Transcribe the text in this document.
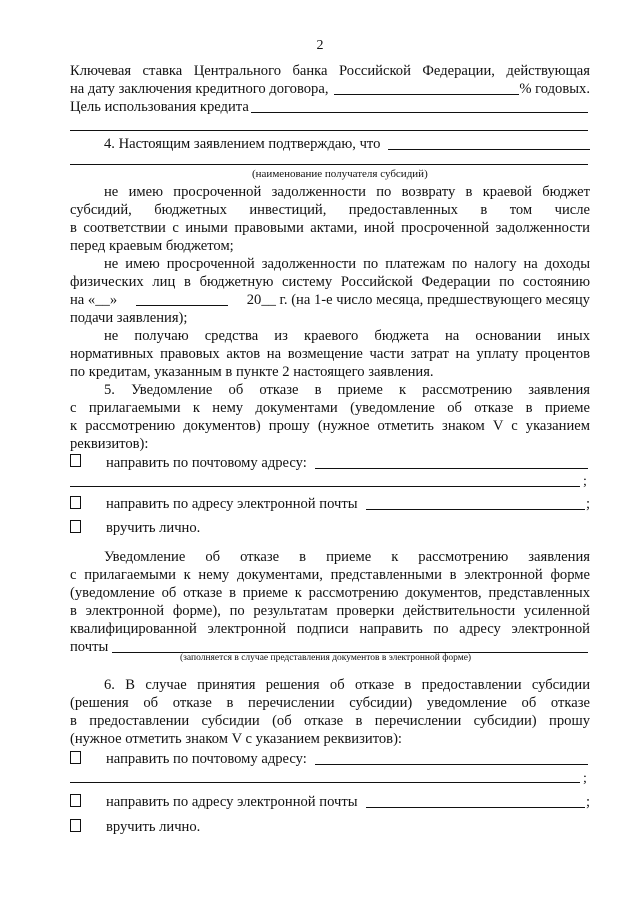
2
Ключевая ставка Центрального банка Российской Федерации, действующая
на дату заключения кредитного договора,	% годовых.
Цель использования кредита
4. Настоящим заявлением подтверждаю, что
(наименование получателя субсидий)
не имею просроченной задолженности по возврату в краевой бюджет
субсидий, бюджетных инвестиций, предоставленных в том числе
в соответствии с иными правовыми актами, иной просроченной задолженности
перед краевым бюджетом;
не имею просроченной задолженности по платежам по налогу на доходы
физических лиц в бюджетную систему Российской Федерации по состоянию
на «__»	20__ г. (на 1-е число месяца, предшествующего месяцу
подачи заявления);
не получаю средства из краевого бюджета на основании иных
нормативных правовых актов на возмещение части затрат на уплату процентов
по кредитам, указанным в пункте 2 настоящего заявления.
5. Уведомление об отказе в приеме к рассмотрению заявления
с прилагаемыми к нему документами (уведомление об отказе в приеме
к рассмотрению документов) прошу (нужное отметить знаком V с указанием
реквизитов):
направить по почтовому адресу:
;
направить по адресу электронной почты	;
вручить лично.
Уведомление об отказе в приеме к рассмотрению заявления
с прилагаемыми к нему документами, представленными в электронной форме
(уведомление об отказе в приеме к рассмотрению документов, представленных
в электронной форме), по результатам проверки действительности усиленной
квалифицированной электронной подписи направить по адресу электронной
почты
(заполняется в случае представления документов в электронной форме)
6. В случае принятия решения об отказе в предоставлении субсидии
(решения об отказе в перечислении субсидии) уведомление об отказе
в предоставлении субсидии (об отказе в перечислении субсидии) прошу
(нужное отметить знаком V с указанием реквизитов):
направить по почтовому адресу:
;
направить по адресу электронной почты	;
вручить лично.
